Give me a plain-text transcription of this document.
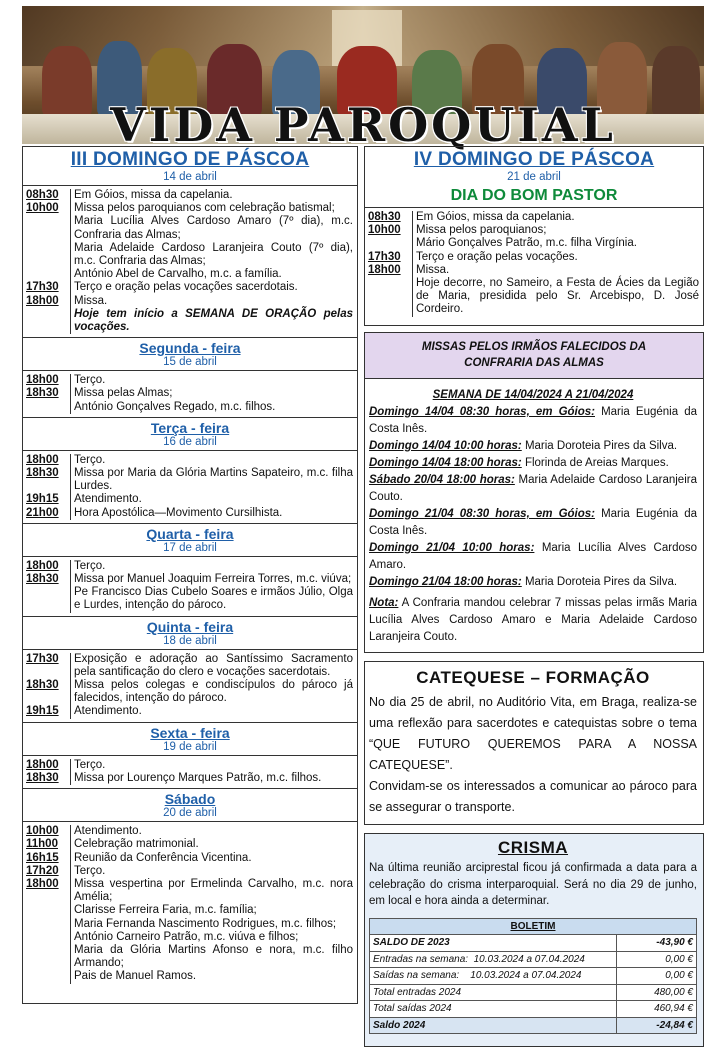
VIDA PAROQUIAL
III DOMINGO DE PÁSCOA
14 de abril
08h30	Em Góios, missa da capelania.
10h00	Missa pelos paroquianos com celebração batismal;
Maria Lucília Alves Cardoso Amaro (7º dia), m.c. Confraria das Almas;
Maria Adelaide Cardoso Laranjeira Couto (7º dia), m.c. Confraria das Almas;
António Abel de Carvalho, m.c. a família.
17h30	Terço e oração pelas vocações sacerdotais.
18h00	Missa.
Hoje tem início a SEMANA DE ORAÇÃO pelas vocações.
Segunda - feira
15 de abril
18h00	Terço.
18h30	Missa pelas Almas;
António Gonçalves Regado, m.c. filhos.
Terça - feira
16 de abril
18h00	Terço.
18h30	Missa por Maria da Glória Martins Sapateiro, m.c. filha Lurdes.
19h15	Atendimento.
21h00	Hora Apostólica—Movimento Cursilhista.
Quarta - feira
17 de abril
18h00	Terço.
18h30	Missa por Manuel Joaquim Ferreira Torres, m.c. viúva;
Pe Francisco Dias Cubelo Soares e irmãos Júlio, Olga e Lurdes, intenção do pároco.
Quinta - feira
18 de abril
17h30	Exposição e adoração ao Santíssimo Sacramento pela santificação do clero e vocações sacerdotais.
18h30	Missa pelos colegas e condiscípulos do pároco já falecidos, intenção do pároco.
19h15	Atendimento.
Sexta - feira
19 de abril
18h00	Terço.
18h30	Missa por Lourenço Marques Patrão, m.c. filhos.
Sábado
20 de abril
10h00	Atendimento.
11h00	Celebração matrimonial.
16h15	Reunião da Conferência Vicentina.
17h20	Terço.
18h00	Missa vespertina por Ermelinda Carvalho, m.c. nora Amélia;
Clarisse Ferreira Faria, m.c. família;
Maria Fernanda Nascimento Rodrigues, m.c. filhos;
António Carneiro Patrão, m.c. viúva e filhos;
Maria da Glória Martins Afonso e nora, m.c. filho Armando;
Pais de Manuel Ramos.
IV DOMINGO DE PÁSCOA
21 de abril
DIA DO BOM PASTOR
08h30	Em Góios, missa da capelania.
10h00	Missa pelos paroquianos;
Mário Gonçalves Patrão, m.c. filha Virgínia.
17h30	Terço e oração pelas vocações.
18h00	Missa.
Hoje decorre, no Sameiro, a Festa de Ácies da Legião de Maria, presidida pelo Sr. Arcebispo, D. José Cordeiro.
MISSAS PELOS IRMÃOS FALECIDOS DA
CONFRARIA DAS ALMAS
SEMANA DE 14/04/2024 A 21/04/2024
Domingo 14/04 08:30 horas, em Góios: Maria Eugénia da Costa Inês.
Domingo 14/04 10:00 horas: Maria Doroteia Pires da Silva.
Domingo 14/04 18:00 horas: Florinda de Areias Marques.
Sábado 20/04 18:00 horas: Maria Adelaide Cardoso Laranjeira Couto.
Domingo 21/04 08:30 horas, em Góios: Maria Eugénia da Costa Inês.
Domingo 21/04 10:00 horas: Maria Lucília Alves Cardoso Amaro.
Domingo 21/04 18:00 horas: Maria Doroteia Pires da Silva.
Nota: A Confraria mandou celebrar 7 missas pelas irmãs Maria Lucília Alves Cardoso Amaro e Maria Adelaide Cardoso Laranjeira Couto.
CATEQUESE – FORMAÇÃO

No dia 25 de abril, no Auditório Vita, em Braga, realiza-se uma reflexão para sacerdotes e catequistas sobre o tema “QUE FUTURO QUEREMOS PARA A NOSSA CATEQUESE”.

Convidam-se os interessados a comunicar ao pároco para se assegurar o transporte.

CRISMA

Na última reunião arciprestal ficou já confirmada a data para a celebração do crisma interparoquial. Será no dia 29 de junho, em local e hora ainda a determinar.

BOLETIM	
SALDO DE 2023	-43,90 €
Entradas na semana:  10.03.2024 a 07.04.2024	0,00 €
Saídas na semana:    10.03.2024 a 07.04.2024	0,00 €
Total entradas 2024	480,00 €
Total saídas 2024	460,94 €
Saldo 2024	-24,84 €
